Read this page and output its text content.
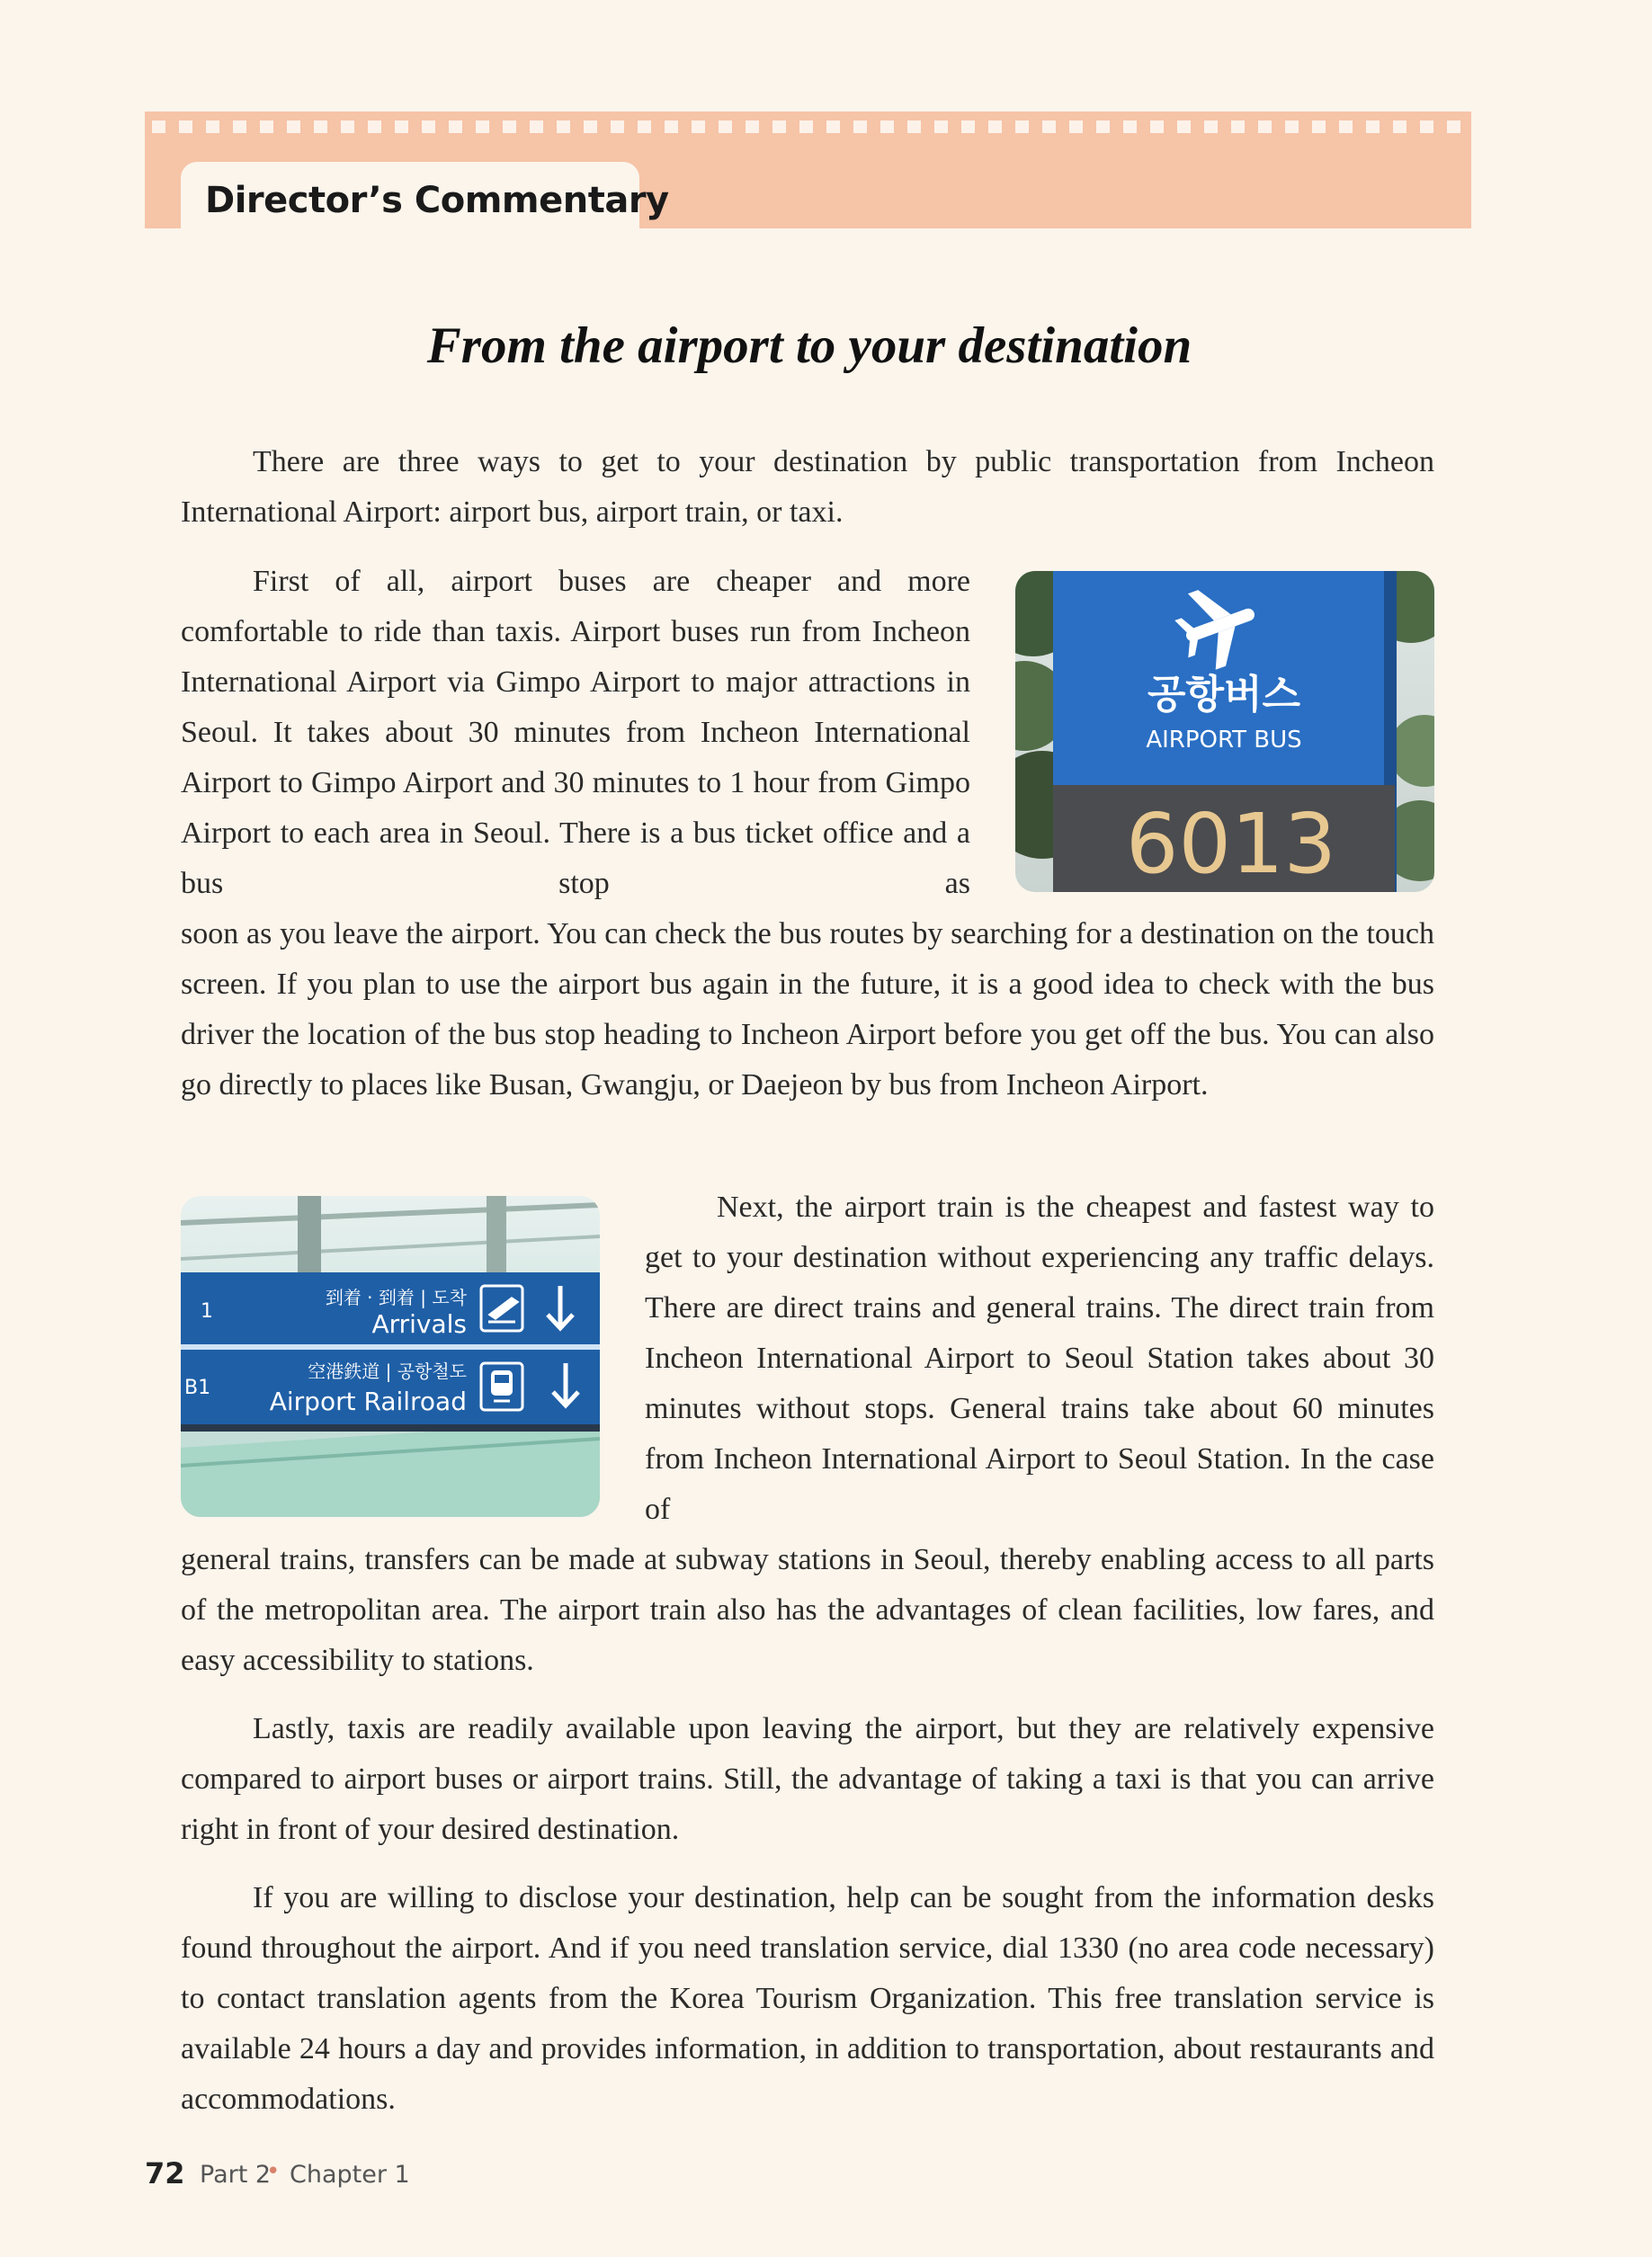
Director’s Commentary
From the airport to your destination

There are three ways to get to your destination by public transportation from Incheon International Airport: airport bus, airport train, or taxi.

First of all, airport buses are cheaper and more comfortable to ride than taxis. Airport buses run from Incheon International Airport via Gimpo Airport to major attractions in Seoul. It takes about 30 minutes from Incheon International Airport to Gimpo Airport and 30 minutes to 1 hour from Gimpo Airport to each area in Seoul. There is a bus ticket office and a bus stop as

soon as you leave the airport. You can check the bus routes by searching for a destination on the touch screen. If you plan to use the airport bus again in the future, it is a good idea to check with the bus driver the location of the bus stop heading to Incheon Airport before you get off the bus. You can also go directly to places like Busan, Gwangju, or Daejeon by bus from Incheon Airport.

공항버스
AIRPORT BUS
6013
1
B1
到着 · 到着 | 도착
Arrivals
空港鉄道 | 공항철도
Airport Railroad

Next, the airport train is the cheapest and fastest way to get to your destination without experiencing any traffic delays. There are direct trains and general trains. The direct train from Incheon International Airport to Seoul Station takes about 30 minutes without stops. General trains take about 60 minutes from Incheon International Airport to Seoul Station. In the case of

general trains, transfers can be made at subway stations in Seoul, thereby enabling access to all parts of the metropolitan area. The airport train also has the advantages of clean facilities, low fares, and easy accessibility to stations.

Lastly, taxis are readily available upon leaving the airport, but they are relatively expensive compared to airport buses or airport trains. Still, the advantage of taking a taxi is that you can arrive right in front of your desired destination.

If you are willing to disclose your destination, help can be sought from the information desks found throughout the airport. And if you need translation service, dial 1330 (no area code necessary) to contact translation agents from the Korea Tourism Organization. This free translation service is available 24 hours a day and provides information, in addition to transportation, about restaurants and accommodations.

72 Part 2

• Chapter 1
